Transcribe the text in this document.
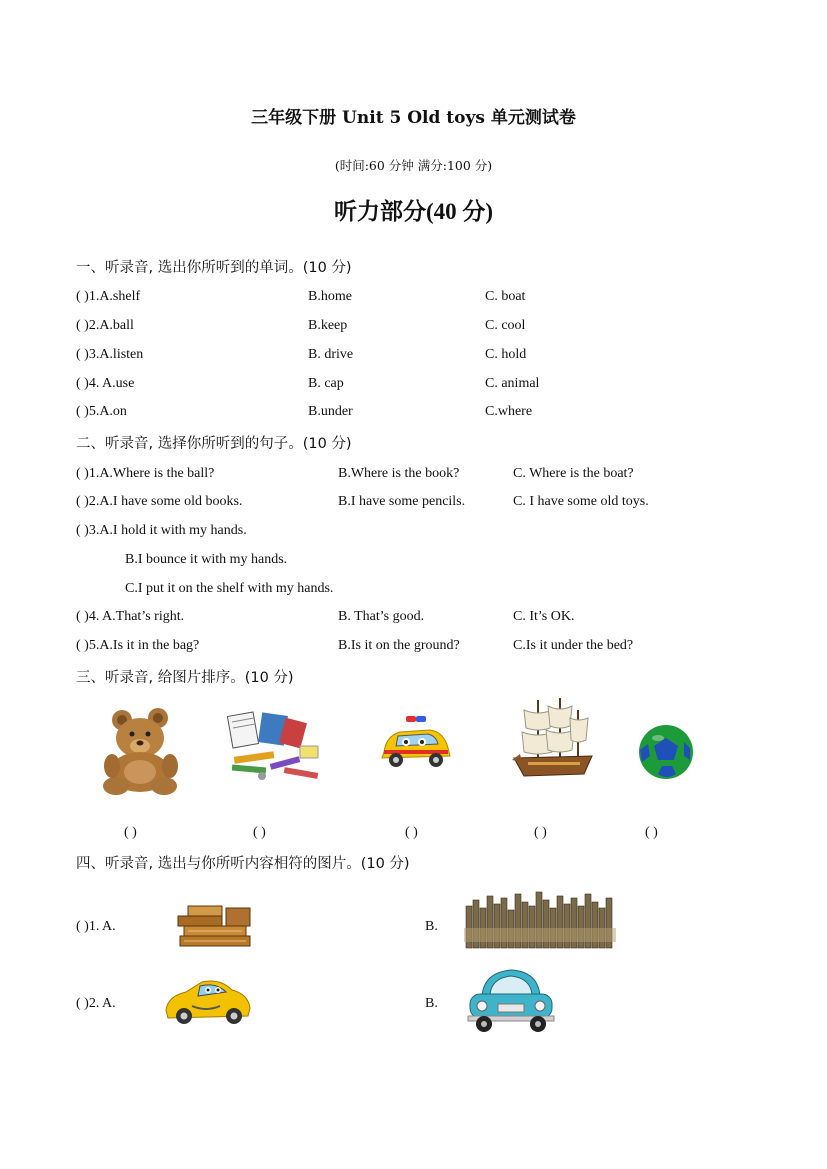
三年级下册 Unit 5 Old toys 单元测试卷
(时间:60 分钟 满分:100 分)
听力部分(40 分)
一、听录音, 选出你所听到的单词。(10 分)
( )1.A.shelf	B.home	C. boat
( )2.A.ball	B.keep	C. cool
( )3.A.listen	B. drive	C. hold
( )4. A.use	B. cap	C. animal
( )5.A.on	B.under	C.where
二、听录音, 选择你所听到的句子。(10 分)
( )1.A.Where is the ball?	B.Where is the book?	C. Where is the boat?
( )2.A.I have some old books.	B.I have some pencils.	C. I have some old toys.
( )3.A.I hold it with my hands.
B.I bounce it with my hands.
C.I put it on the shelf with my hands.
( )4. A.That’s right.	B. That’s good.	C. It’s OK.
( )5.A.Is it in the bag?	B.Is it on the ground?	C.Is it under the bed?
三、听录音, 给图片排序。(10 分)
( )	( )	( )	( )	( )
四、听录音, 选出与你所听内容相符的图片。(10 分)
( )1. A.	B.
( )2. A.	B.
